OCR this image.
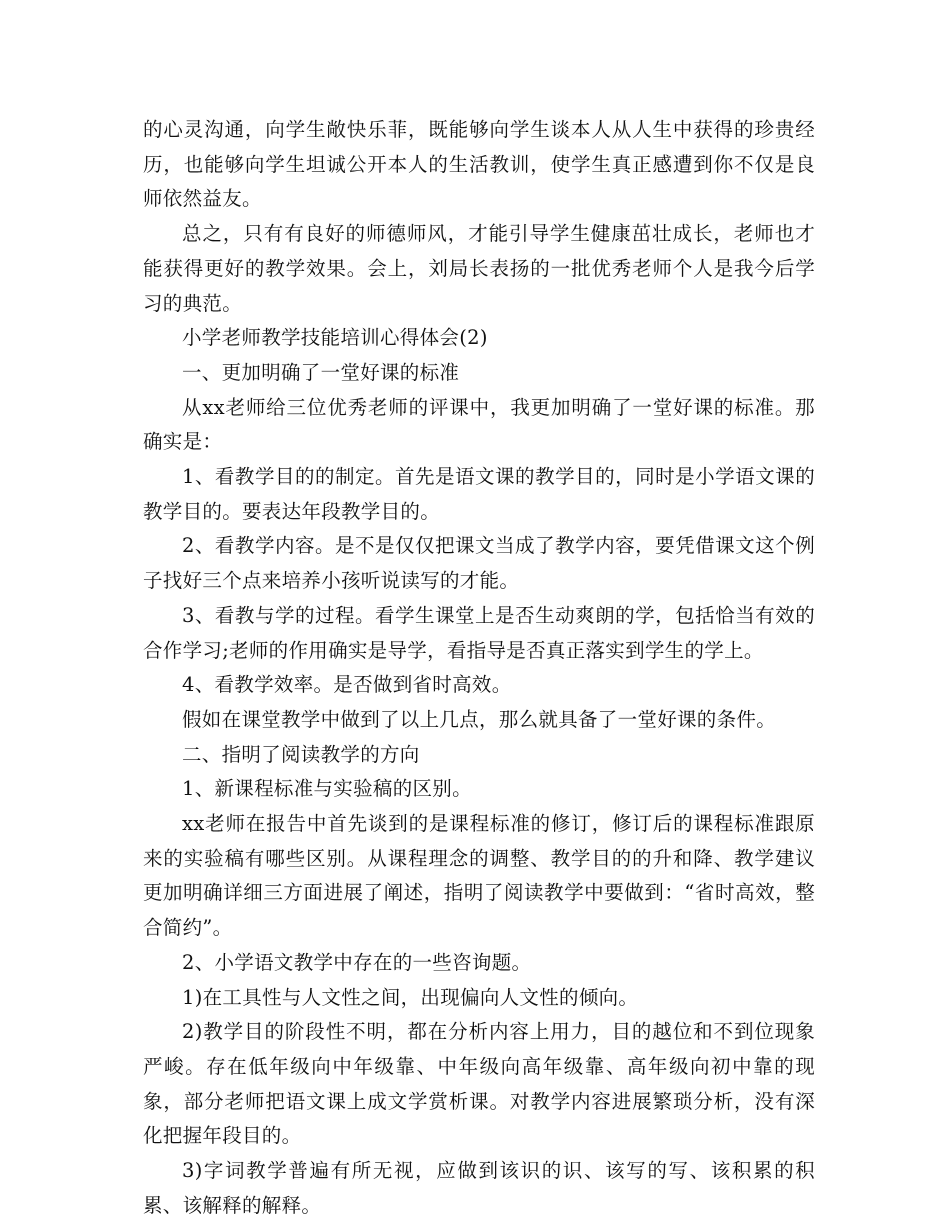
的心灵沟通，向学生敞快乐菲，既能够向学生谈本人从人生中获得的珍贵经历，也能够向学生坦诚公开本人的生活教训，使学生真正感遭到你不仅是良师依然益友。

总之，只有有良好的师德师风，才能引导学生健康茁壮成长，老师也才能获得更好的教学效果。会上，刘局长表扬的一批优秀老师个人是我今后学习的典范。

小学老师教学技能培训心得体会(2)

一、更加明确了一堂好课的标准

从xx老师给三位优秀老师的评课中，我更加明确了一堂好课的标准。那确实是：

1、看教学目的的制定。首先是语文课的教学目的，同时是小学语文课的教学目的。要表达年段教学目的。

2、看教学内容。是不是仅仅把课文当成了教学内容，要凭借课文这个例子找好三个点来培养小孩听说读写的才能。

3、看教与学的过程。看学生课堂上是否生动爽朗的学，包括恰当有效的合作学习;老师的作用确实是导学，看指导是否真正落实到学生的学上。

4、看教学效率。是否做到省时高效。

假如在课堂教学中做到了以上几点，那么就具备了一堂好课的条件。

二、指明了阅读教学的方向

1、新课程标准与实验稿的区别。

xx老师在报告中首先谈到的是课程标准的修订，修订后的课程标准跟原来的实验稿有哪些区别。从课程理念的调整、教学目的的升和降、教学建议更加明确详细三方面进展了阐述，指明了阅读教学中要做到：“省时高效，整合简约”。

2、小学语文教学中存在的一些咨询题。

1)在工具性与人文性之间，出现偏向人文性的倾向。

2)教学目的阶段性不明，都在分析内容上用力，目的越位和不到位现象严峻。存在低年级向中年级靠、中年级向高年级靠、高年级向初中靠的现象，部分老师把语文课上成文学赏析课。对教学内容进展繁琐分析，没有深化把握年段目的。

3)字词教学普遍有所无视，应做到该识的识、该写的写、该积累的积累、该解释的解释。
